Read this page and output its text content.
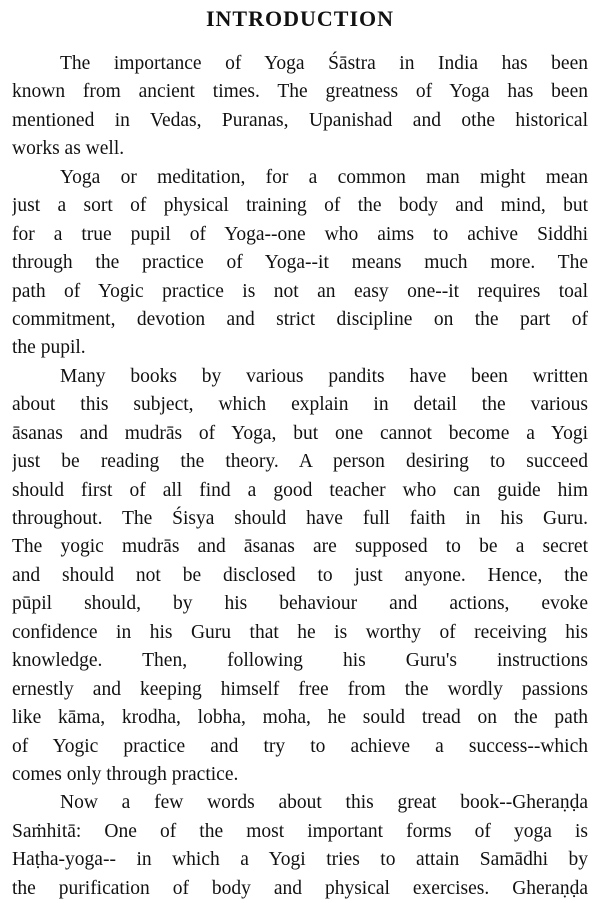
INTRODUCTION
The importance of Yoga Śāstra in India has been
known from ancient times. The greatness of Yoga has been
mentioned in Vedas, Puranas, Upanishad and othe historical
works as well.
Yoga or meditation, for a common man might mean
just a sort of physical training of the body and mind, but
for a true pupil of Yoga--one who aims to achive Siddhi
through the practice of Yoga--it means much more. The
path of Yogic practice is not an easy one--it requires toal
commitment, devotion and strict discipline on the part of
the pupil.
Many books by various pandits have been written
about this subject, which explain in detail the various
āsanas and mudrās of Yoga, but one cannot become a Yogi
just be reading the theory. A person desiring to succeed
should first of all find a good teacher who can guide him
throughout. The Śisya should have full faith in his Guru.
The yogic mudrās and āsanas are supposed to be a secret
and should not be disclosed to just anyone. Hence, the
pūpil should, by his behaviour and actions, evoke
confidence in his Guru that he is worthy of receiving his
knowledge. Then, following his Guru's instructions
ernestly and keeping himself free from the wordly passions
like kāma, krodha, lobha, moha, he sould tread on the path
of Yogic practice and try to achieve a success--which
comes only through practice.
Now a few words about this great book--Gheraṇḍa
Saṁhitā: One of the most important forms of yoga is
Haṭha-yoga-- in which a Yogi tries to attain Samādhi by
the purification of body and physical exercises. Gheraṇḍa
